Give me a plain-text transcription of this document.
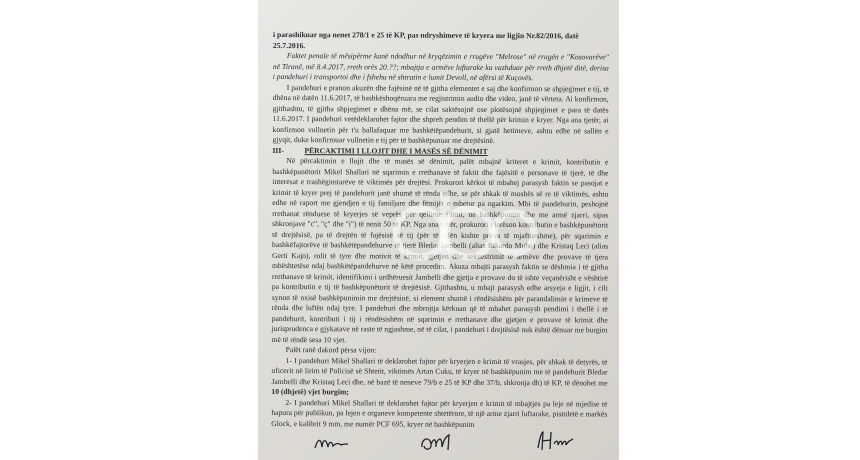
i parashikuar nga nenet 278/1 e 25 të KP, pas ndryshimeve të kryera me ligjin Nr.82/2016, datë 25.7.2016.

Faktet penale të mësipërme kanë ndodhur në kryqëzimin e rrugëve "Melrose" në rrugën e "Kosovarëve" në Tiranë, më 8.4.2017, rreth orës 20.??; mbajtja e armëve luftarake ka vazhduar për rreth dhjetë ditë, derisa i pandehuri i transportoi dhe i fshehu në shtratin e lumit Devoll, në afërsi të Kuçovës.

I pandehuri e pranon akuzën dhe fajësinë në të gjitha elementet e saj dhe konfirmon se shpjegimet e tij, të dhëna në datën 11.6.2017, të bashkëshoqëruara me regjistrimin audio dhe video, janë të vërteta. Ai konfirmon, gjithashtu, të gjitha shpjegimet e dhëna më, se cilat saktësojnë ose plotësojnë shpjegimet e para të datës 11.6.2017. I pandehuri vetëdeklarohet fajtor dhe shpreh pendim të thellë për krimin e kryer. Nga ana tjetër, ai konfirmon vullnetin për t'u ballafaquar me bashkëtëpandehurit, si gjatë hetimeve, ashtu edhe në sallën e gjyqit, duke konfirmuar vullnetin e tij për të bashkëpunuar me drejtësinë.

III-	PËRCAKTIMI I LLOJIT DHE I MASËS SË DËNIMIT

Në përcaktimin e llojit dhe të masës së dënimit, palët mbajnë kriteret e krimit, kontributin e bashkëpunëtorit Mikel Shallari në sqarimin e rrethanave të faktit dhe fajësitë e personave të tjerë, të dhe interesat e trashëgimtarëve të viktimës për drejtësi. Prokurori kërkoi të mbahej parasysh faktin se pasojat e krimit të kryer prej të pandehurit janë shumë të rënda edhe, se për shkak të moshës së re të viktimës, ashtu edhe në raport me gjendjen e tij familjare dhe fëmijët e mbetur pa ngarkim. Mbi të pandehurin, peshojnë rrethanat rënduese të kryerjes së veprës për qëllime fitimi, në bashkëpunim dhe me armë zjarri, sipas shkronjave "c", "ç" dhe "i") të nenit 50 të KP. Nga ana tjetër, prokurori vlerëson kontributin e bashkëpunëtorit të drejtësisë, pa të drejtën të fajësisë së tij (për të cilën kishte prova të mjaftueshme), për sqarimin e bashkëfajtorëve të bashkëtëpandehurve të tjerë Bledar Jambelli (alias Rikardo Muho) dhe Kristaq Leci (alias Gerti Kajo), rolit të tyre dhe motivit të krimit, gjetjen dhe sekuestrimit të armëve dhe provave të tjera mbështetëse ndaj bashkëtëpandehurve në këtë procedim. Akuza mbajti parasysh faktin se dëshmia i të gjitha rrethanave të krimit, identifikimi i urdhëruesit Jambelli dhe gjetja e provave do të ishte veçanërisht e vështirë pa kontributin e tij të bashkëpunëtorit të drejtësisë. Gjithashtu, u mbajt parasysh edhe arsyeja e ligjit, i cili synon të nxisë bashkëpunimin me drejtësinë, si element shumë i rëndësishëm për parandalimin e krimeve të rënda dhe luftën ndaj tyre. I pandehuri dhe mbrojtja kërkuan që të mbahet parasysh pendimi i thellë i të pandehurit, kontributi i tij i rëndësishëm në sqarimin e rrethanave dhe gjetjen e provave të krimit dhe jurisprudenca e gjykatave në raste të ngjashme, në të cilat, i pandehuri i drejtësisë nuk është dënuar me burgim më të rëndë sesa 10 vjet.

Palët ranë dakord përsa vijon:

1- I pandehuri Mikel Shallari të deklarohet fajtor për kryerjen e krimit të vrasjes, për shkak të detyrës, të oficerit në lirim të Policisë së Shtetit, viktimës Artan Cuku, të kryer në bashkëpunim me të pandehurit Bledar Jambelli dhe Kristaq Leci dhe, në bazë të neneve 79/b e 25 të KP dhe 37/b, shkronja dh) të KP, të dënohet me 10 (dhjetë) vjet burgim;

2- I pandehuri Mikel Shallari të deklarohet fajtor për kryerjen e krimit të mbajtjes pa leje në mjedise të hapura për publikun, pa lejen e organeve kompetente shtetërore, të një arme zjarri luftarake, pistoletë e markës Glock, e kalibrit 9 mm, me numër PCF 695, kryer në bashkëpunim
